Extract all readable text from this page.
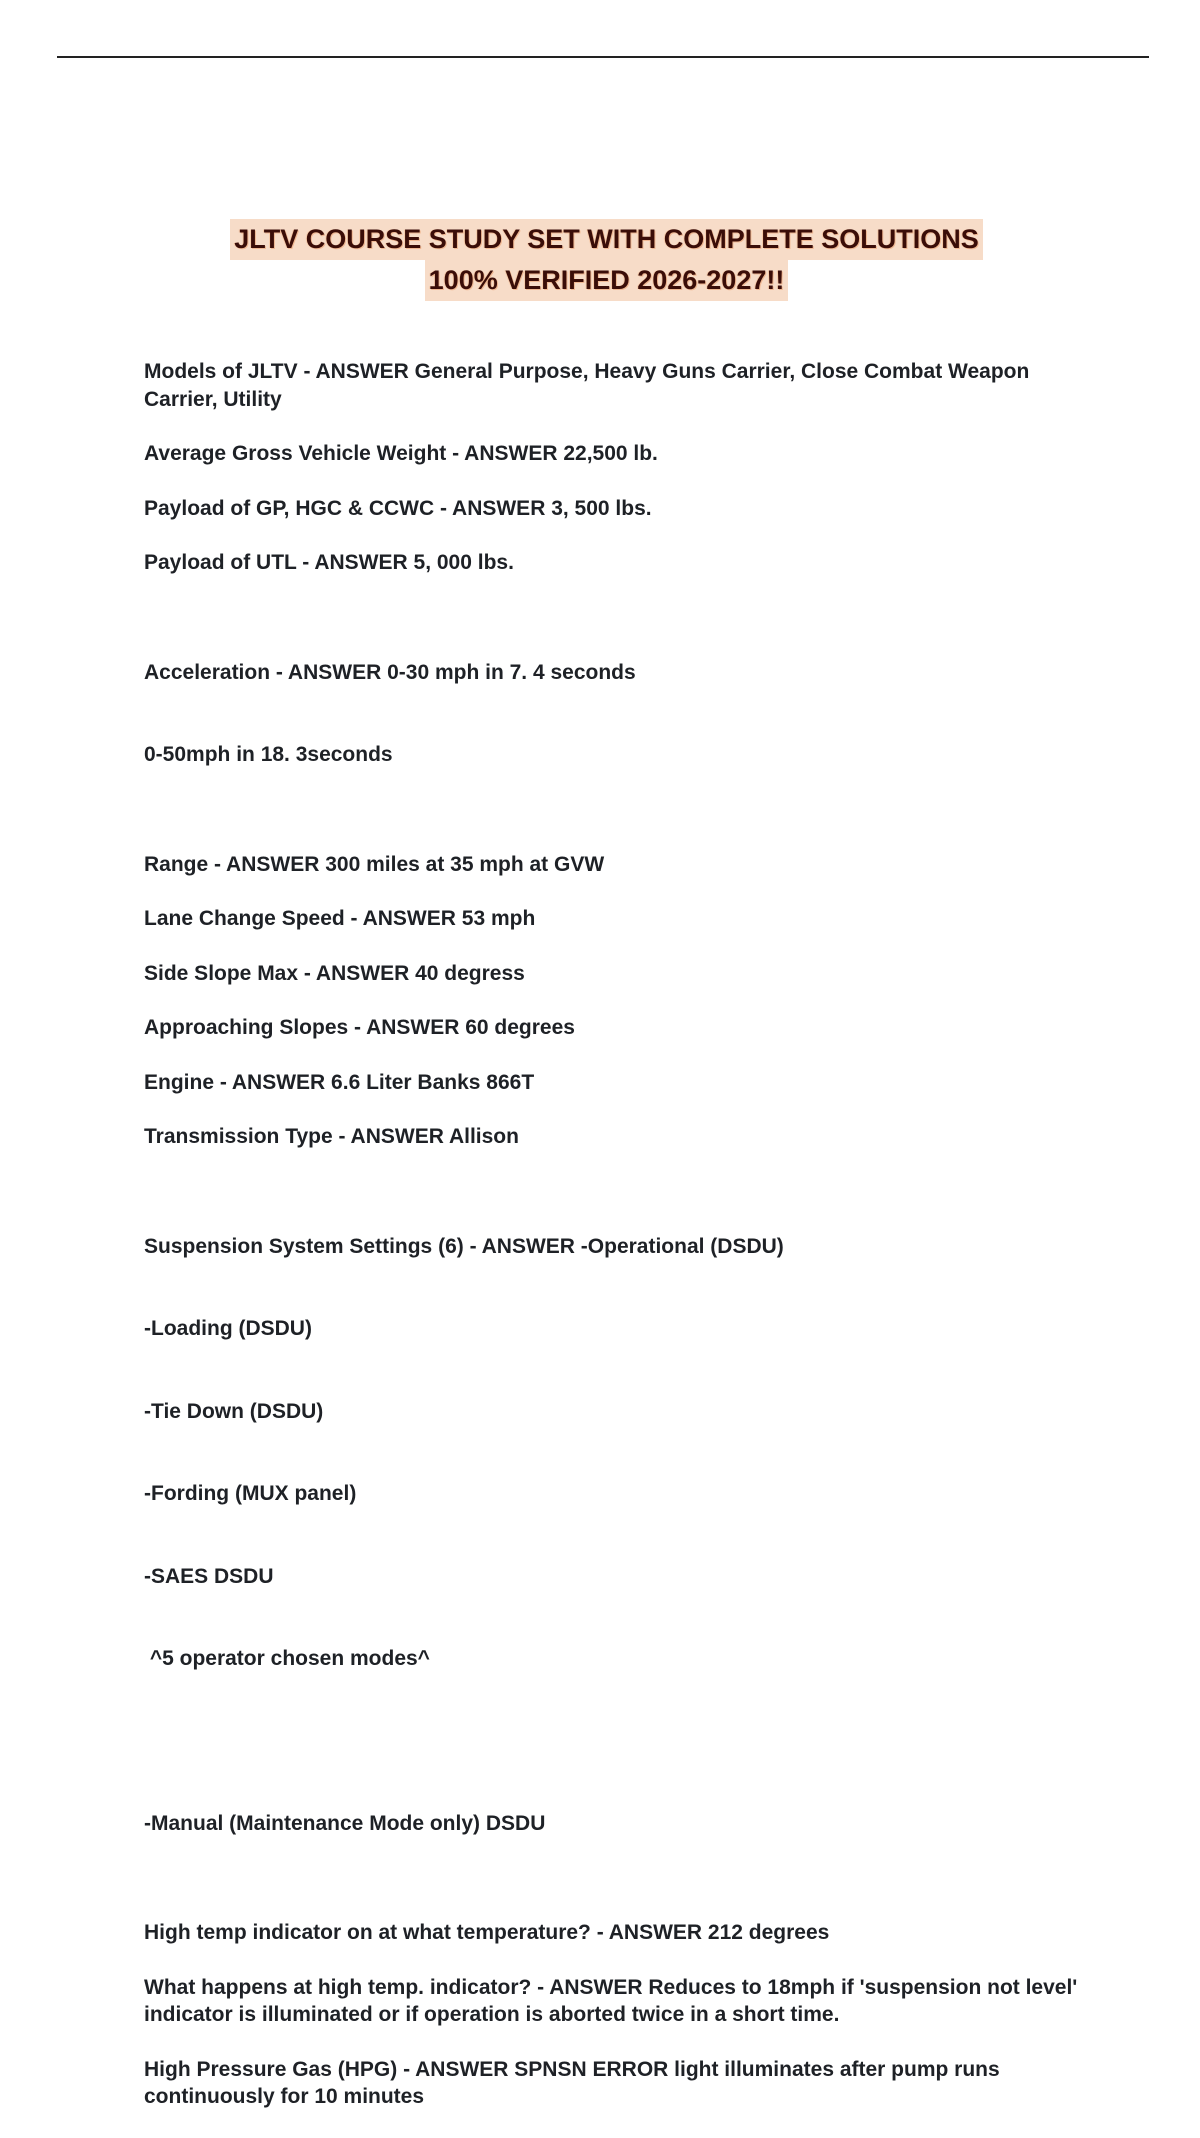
JLTV COURSE STUDY SET WITH COMPLETE SOLUTIONS
100% VERIFIED 2026-2027!!
Models of JLTV - ANSWER General Purpose, Heavy Guns Carrier, Close Combat Weapon Carrier, Utility
Average Gross Vehicle Weight - ANSWER 22,500 lb.
Payload of GP, HGC & CCWC - ANSWER 3, 500 lbs.
Payload of UTL - ANSWER 5, 000 lbs.

Acceleration - ANSWER 0-30 mph in 7. 4 seconds

0-50mph in 18. 3seconds

Range - ANSWER 300 miles at 35 mph at GVW
Lane Change Speed - ANSWER 53 mph
Side Slope Max - ANSWER 40 degress
Approaching Slopes - ANSWER 60 degrees
Engine - ANSWER 6.6 Liter Banks 866T
Transmission Type - ANSWER Allison

Suspension System Settings (6) - ANSWER -Operational (DSDU)

-Loading (DSDU)

-Tie Down (DSDU)

-Fording (MUX panel)

-SAES DSDU

^5 operator chosen modes^

-Manual (Maintenance Mode only) DSDU

High temp indicator on at what temperature? - ANSWER 212 degrees
What happens at high temp. indicator? - ANSWER Reduces to 18mph if 'suspension not level' indicator is illuminated or if operation is aborted twice in a short time.
High Pressure Gas (HPG) - ANSWER SPNSN ERROR light illuminates after pump runs continuously for 10 minutes
